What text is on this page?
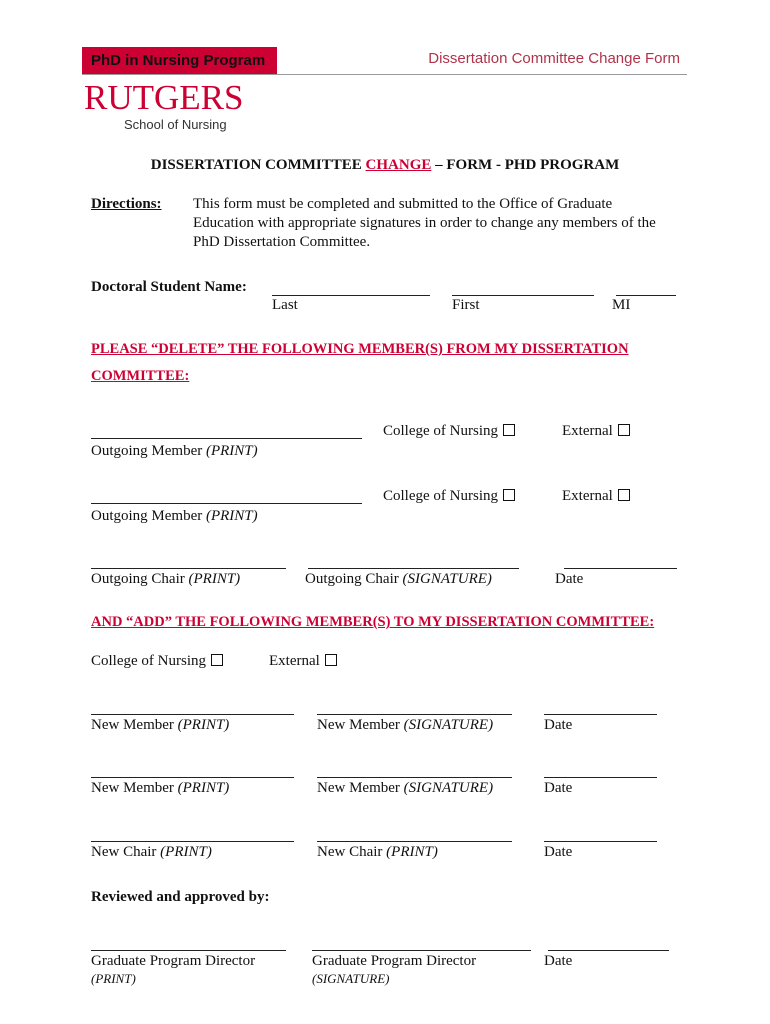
PhD in Nursing Program	Dissertation Committee Change Form
RUTGERS
School of Nursing
DISSERTATION COMMITTEE CHANGE – FORM - PHD PROGRAM
Directions: This form must be completed and submitted to the Office of Graduate
Education with appropriate signatures in order to change any members of the
PhD Dissertation Committee.
Doctoral Student Name:
Last	First	MI
PLEASE “DELETE” THE FOLLOWING MEMBER(S) FROM MY DISSERTATION
COMMITTEE:
Outgoing Member (PRINT)
College of Nursing	External
Outgoing Member (PRINT)
College of Nursing	External
Outgoing Chair (PRINT)	Outgoing Chair (SIGNATURE)	Date
AND “ADD” THE FOLLOWING MEMBER(S) TO MY DISSERTATION COMMITTEE:
College of Nursing	External
New Member (PRINT)	New Member (SIGNATURE)	Date
New Member (PRINT)	New Member (SIGNATURE)	Date
New Chair (PRINT)	New Chair (PRINT)	Date
Reviewed and approved by:
Graduate Program Director	Graduate Program Director	Date
(PRINT)	(SIGNATURE)
